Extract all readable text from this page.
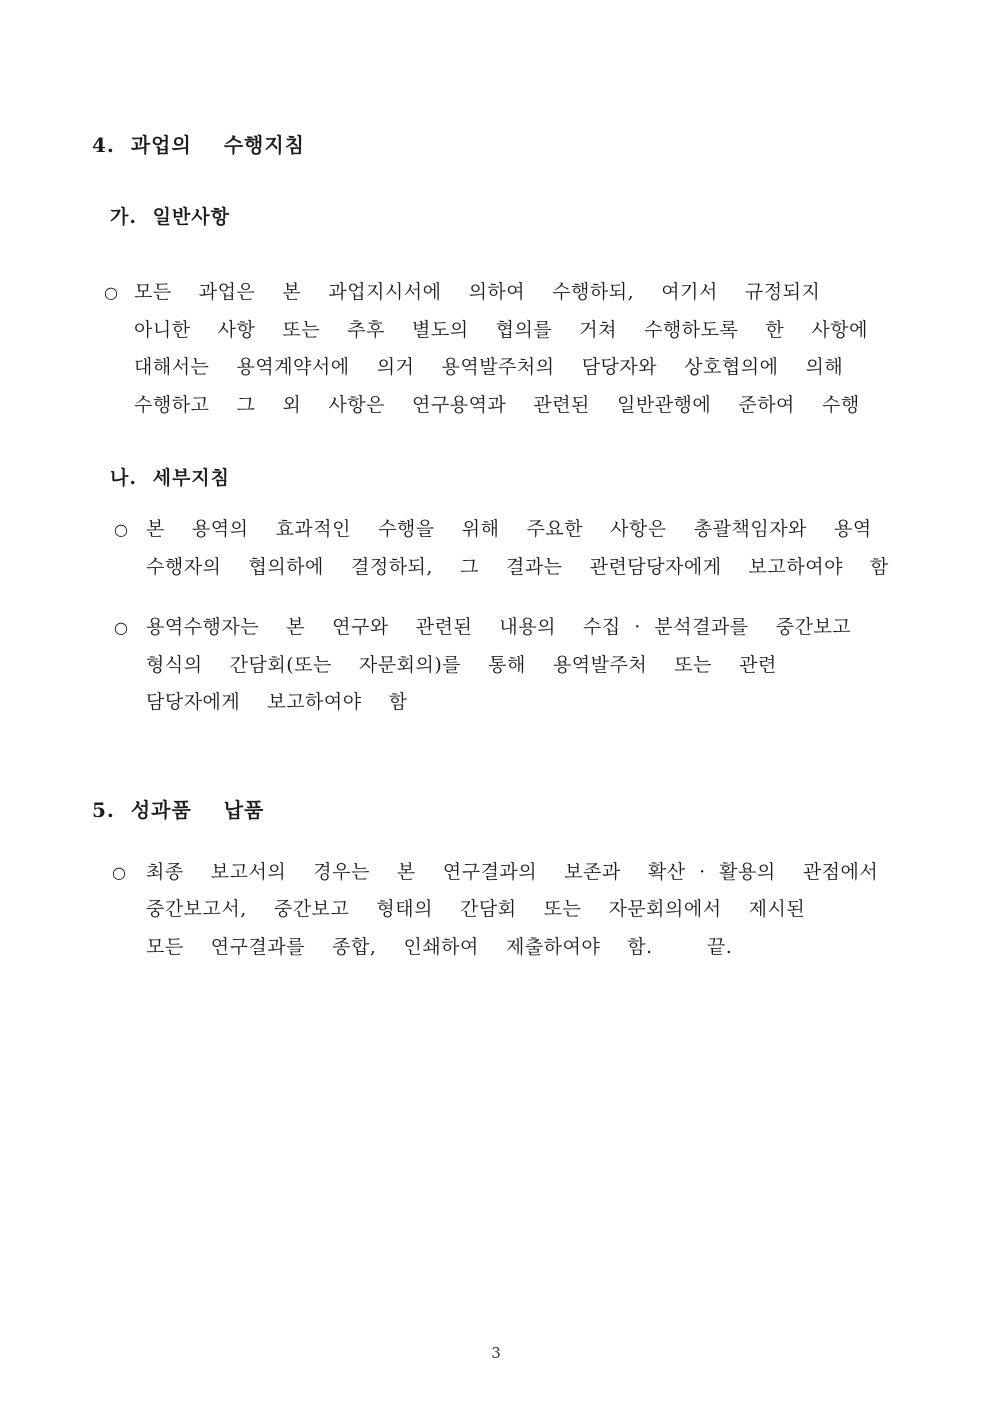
4. 과업의  수행지침
가. 일반사항
○ 모든  과업은  본  과업지시서에  의하여  수행하되,  여기서  규정되지
아니한  사항  또는  추후  별도의  협의를  거쳐  수행하도록  한  사항에
대해서는  용역계약서에  의거  용역발주처의  담당자와  상호협의에  의해
수행하고  그  외  사항은  연구용역과  관련된  일반관행에  준하여  수행
나. 세부지침
○ 본  용역의  효과적인  수행을  위해  주요한  사항은  총괄책임자와  용역
수행자의  협의하에  결정하되,  그  결과는  관련담당자에게  보고하여야  함
○ 용역수행자는  본  연구와  관련된  내용의  수집 · 분석결과를  중간보고
형식의  간담회(또는  자문회의)를  통해  용역발주처  또는  관련
담당자에게  보고하여야  함
5. 성과품  납품
○	최종  보고서의  경우는  본  연구결과의  보존과  확산 · 활용의  관점에서
중간보고서,  중간보고  형태의  간담회  또는  자문회의에서  제시된
모든  연구결과를  종합,  인쇄하여  제출하여야  함.    끝.
3
